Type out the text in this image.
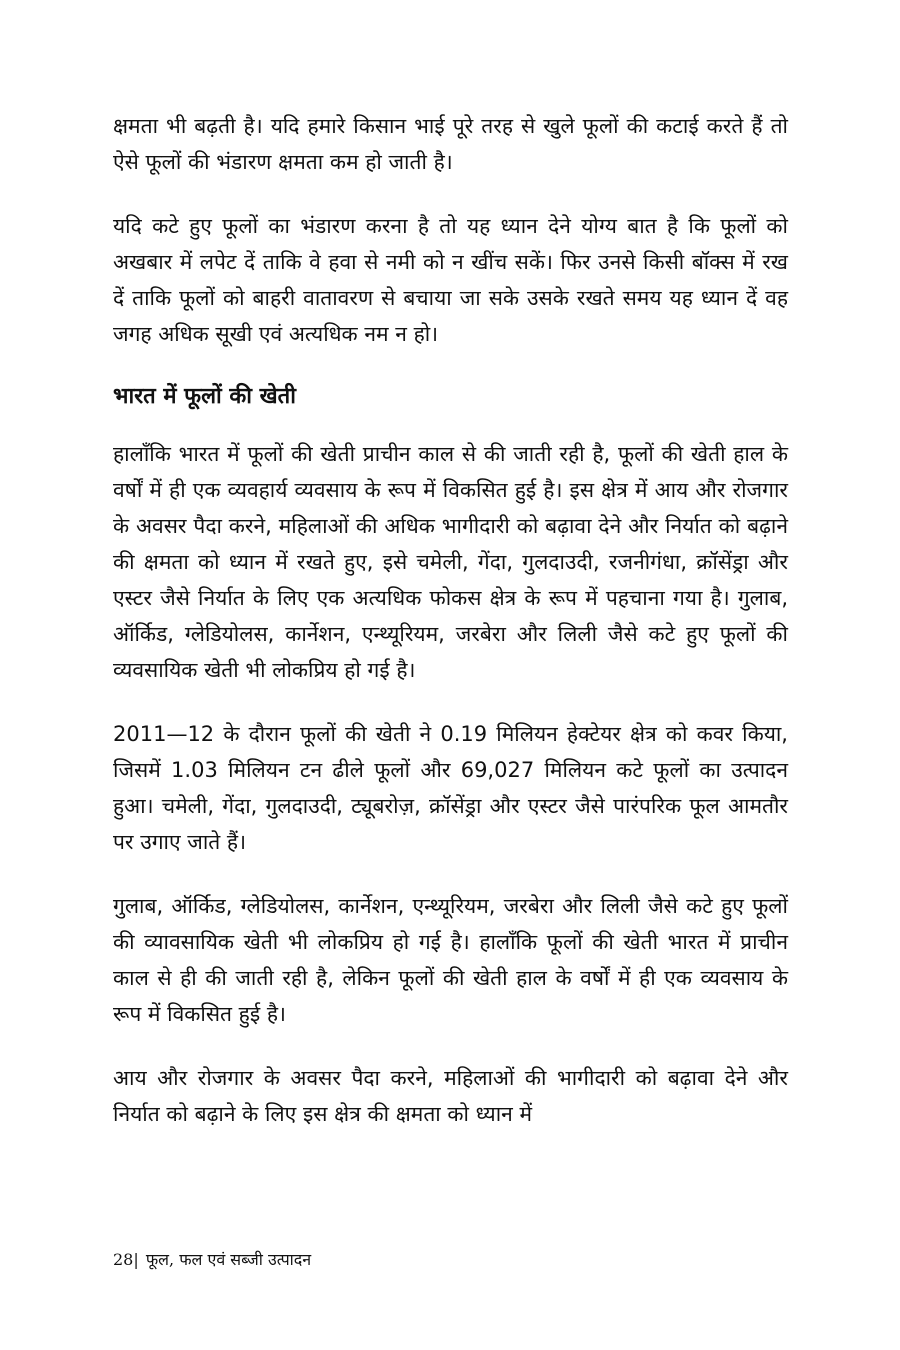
क्षमता भी बढ़ती है। यदि हमारे किसान भाई पूरे तरह से खुले फूलों की कटाई करते हैं तो ऐसे फूलों की भंडारण क्षमता कम हो जाती है।

यदि कटे हुए फूलों का भंडारण करना है तो यह ध्यान देने योग्य बात है कि फूलों को अखबार में लपेट दें ताकि वे हवा से नमी को न खींच सकें। फिर उनसे किसी बॉक्स में रख दें ताकि फूलों को बाहरी वातावरण से बचाया जा सके उसके रखते समय यह ध्यान दें वह जगह अधिक सूखी एवं अत्यधिक नम न हो।

भारत में फूलों की खेती

हालाँकि भारत में फूलों की खेती प्राचीन काल से की जाती रही है, फूलों की खेती हाल के वर्षों में ही एक व्यवहार्य व्यवसाय के रूप में विकसित हुई है। इस क्षेत्र में आय और रोजगार के अवसर पैदा करने, महिलाओं की अधिक भागीदारी को बढ़ावा देने और निर्यात को बढ़ाने की क्षमता को ध्यान में रखते हुए, इसे चमेली, गेंदा, गुलदाउदी, रजनीगंधा, क्रॉसेंड्रा और एस्टर जैसे निर्यात के लिए एक अत्यधिक फोकस क्षेत्र के रूप में पहचाना गया है। गुलाब, ऑर्किड, ग्लेडियोलस, कार्नेशन, एन्थ्यूरियम, जरबेरा और लिली जैसे कटे हुए फूलों की व्यवसायिक खेती भी लोकप्रिय हो गई है।

2011—12 के दौरान फूलों की खेती ने 0.19 मिलियन हेक्टेयर क्षेत्र को कवर किया, जिसमें 1.03 मिलियन टन ढीले फूलों और 69,027 मिलियन कटे फूलों का उत्पादन हुआ। चमेली, गेंदा, गुलदाउदी, ट्यूबरोज़, क्रॉसेंड्रा और एस्टर जैसे पारंपरिक फूल आमतौर पर उगाए जाते हैं।

गुलाब, ऑर्किड, ग्लेडियोलस, कार्नेशन, एन्थ्यूरियम, जरबेरा और लिली जैसे कटे हुए फूलों की व्यावसायिक खेती भी लोकप्रिय हो गई है। हालाँकि फूलों की खेती भारत में प्राचीन काल से ही की जाती रही है, लेकिन फूलों की खेती हाल के वर्षों में ही एक व्यवसाय के रूप में विकसित हुई है।

आय और रोजगार के अवसर पैदा करने, महिलाओं की भागीदारी को बढ़ावा देने और निर्यात को बढ़ाने के लिए इस क्षेत्र की क्षमता को ध्यान में

28| फूल, फल एवं सब्जी उत्पादन
